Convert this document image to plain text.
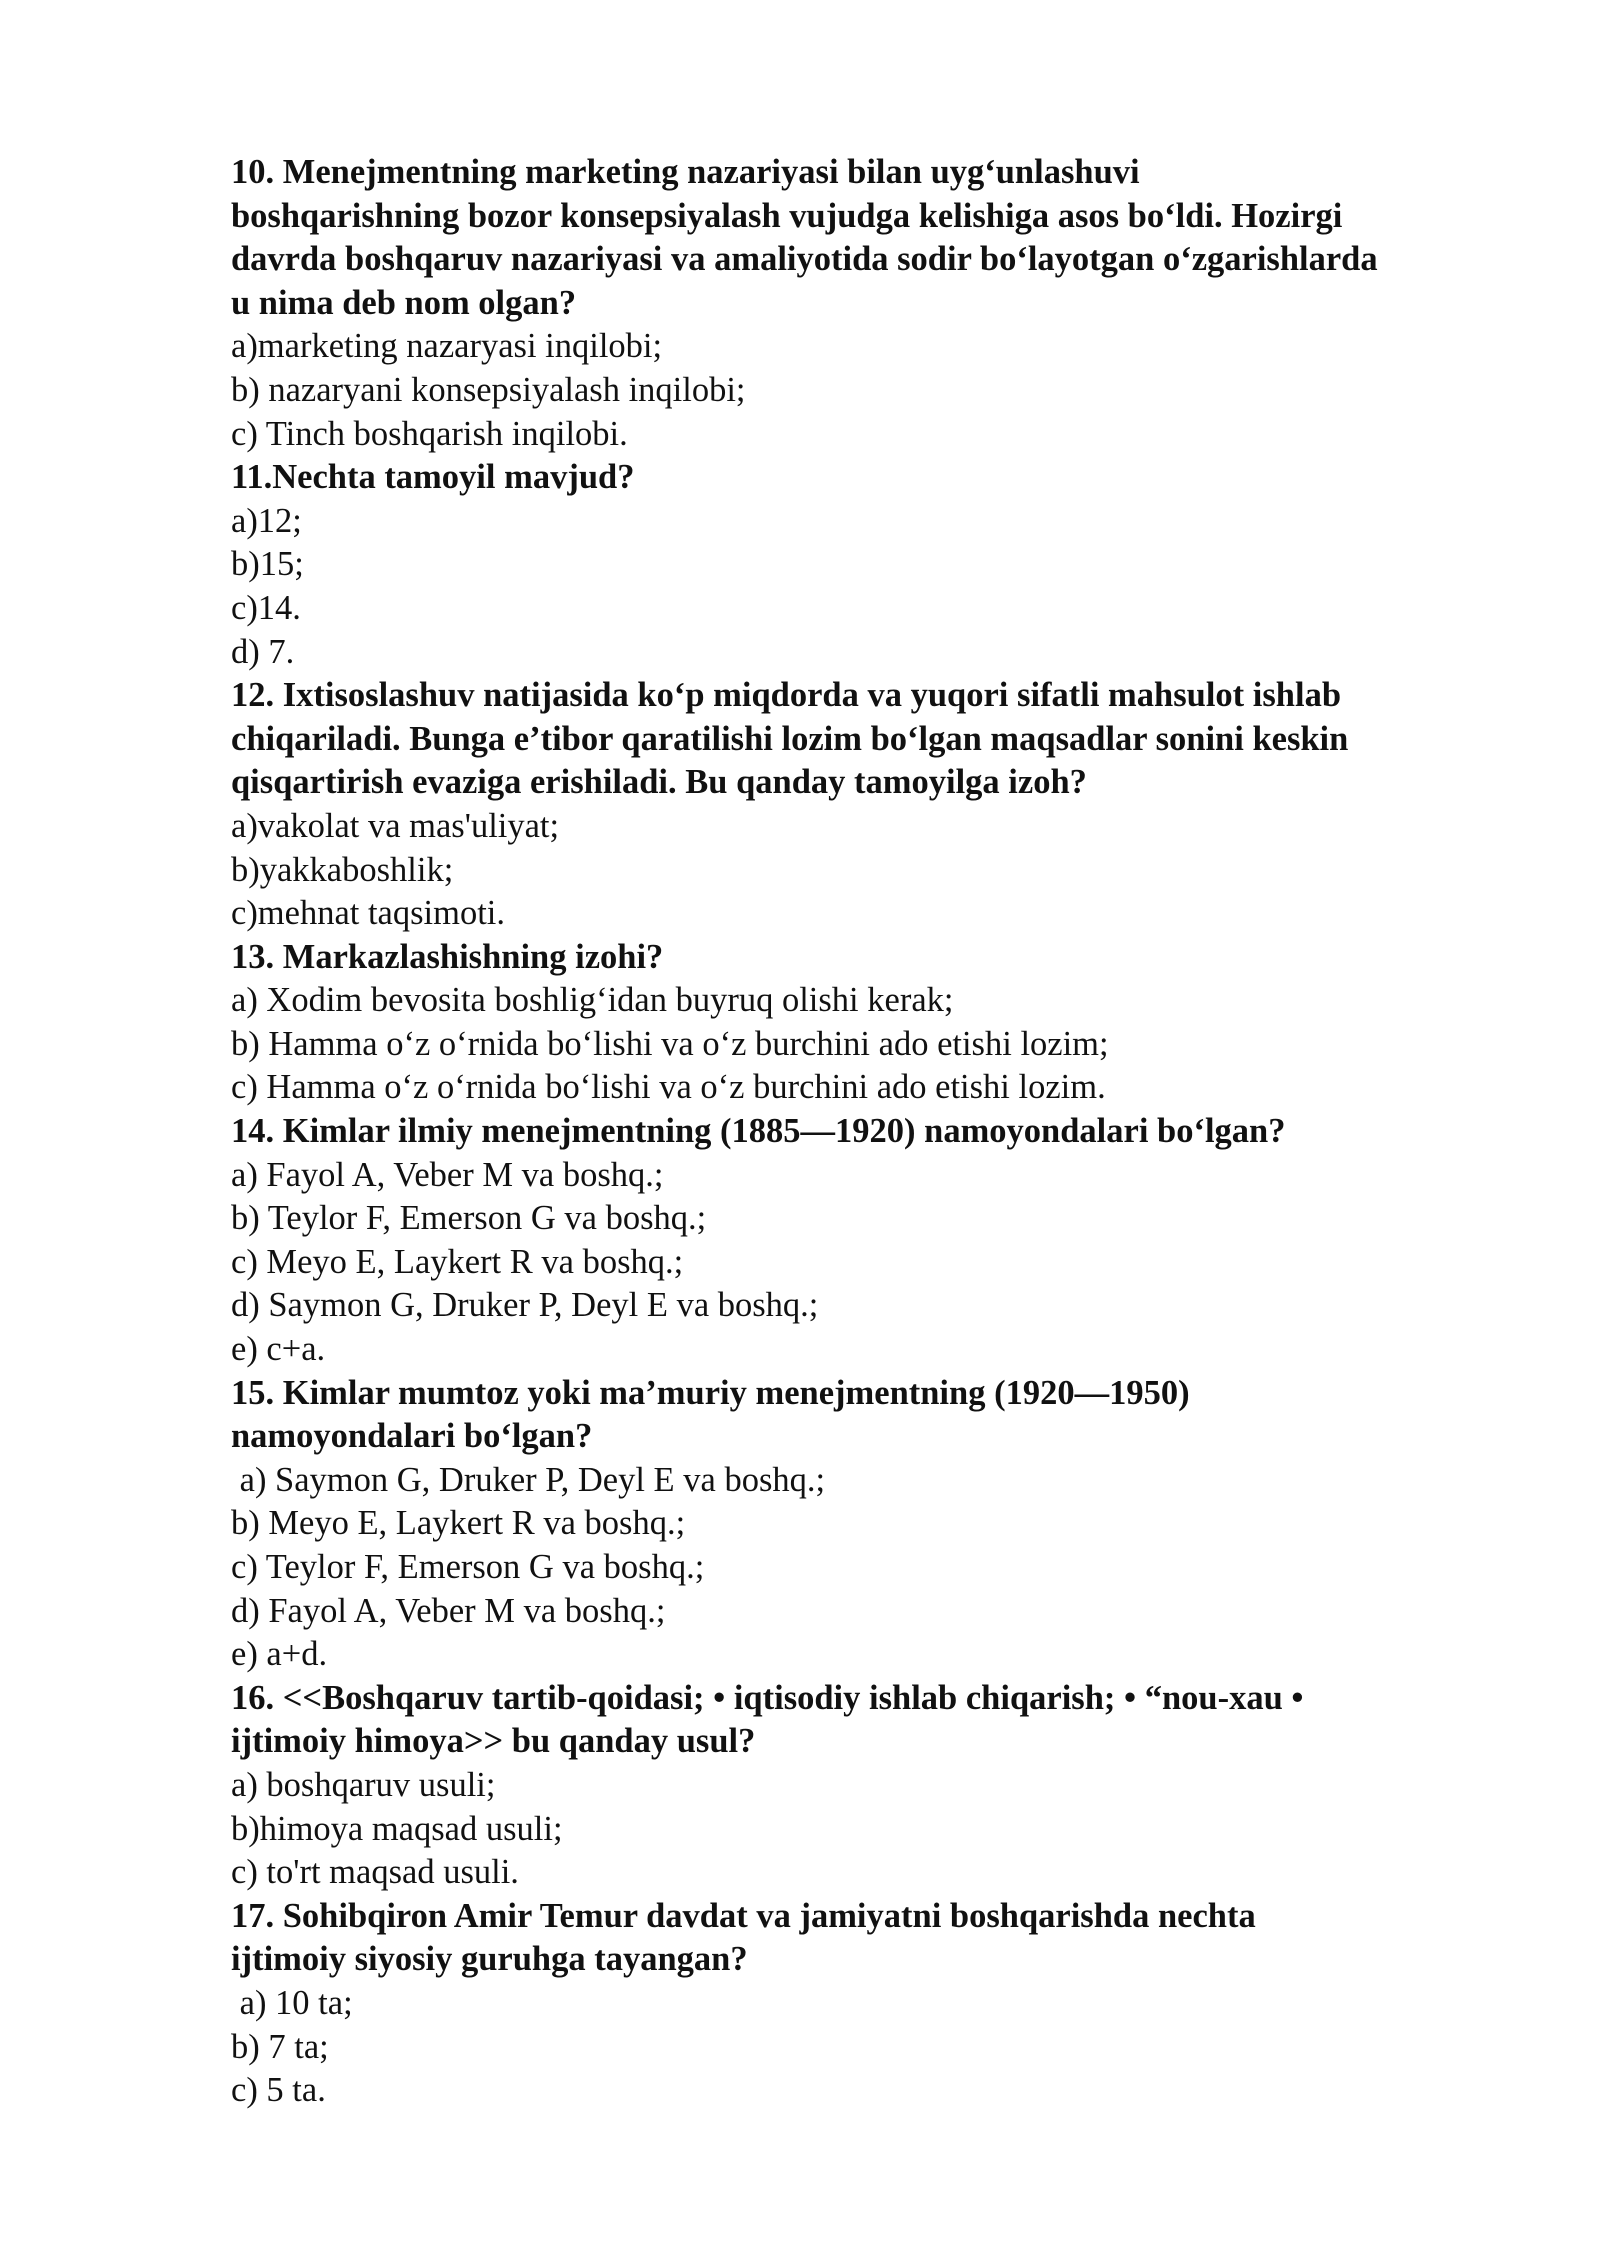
10. Menejmentning marketing nazariyasi bilan uyg‘unlashuvi
boshqarishning bozor konsepsiyalash vujudga kelishiga asos bo‘ldi. Hozirgi
davrda boshqaruv nazariyasi va amaliyotida sodir bo‘layotgan o‘zgarishlarda
u nima deb nom olgan?
a)marketing nazaryasi inqilobi;
b) nazaryani konsepsiyalash inqilobi;
c) Tinch boshqarish inqilobi.
11.Nechta tamoyil mavjud?
a)12;
b)15;
c)14.
d) 7.
12. Ixtisoslashuv natijasida ko‘p miqdorda va yuqori sifatli mahsulot ishlab
chiqariladi. Bunga e’tibor qaratilishi lozim bo‘lgan maqsadlar sonini keskin
qisqartirish evaziga erishiladi. Bu qanday tamoyilga izoh?
a)vakolat va mas'uliyat;
b)yakkaboshlik;
c)mehnat taqsimoti.
13. Markazlashishning izohi?
a) Xodim bevosita boshlig‘idan buyruq olishi kerak;
b) Hamma o‘z o‘rnida bo‘lishi va o‘z burchini ado etishi lozim;
c) Hamma o‘z o‘rnida bo‘lishi va o‘z burchini ado etishi lozim.
14. Kimlar ilmiy menejmentning (1885—1920) namoyondalari bo‘lgan?
a) Fayol A, Veber M va boshq.;
b) Teylor F, Emerson G va boshq.;
c) Meyo E, Laykert R va boshq.;
d) Saymon G, Druker P, Deyl E va boshq.;
e) c+a.
15. Kimlar mumtoz yoki ma’muriy menejmentning (1920—1950)
namoyondalari bo‘lgan?
a) Saymon G, Druker P, Deyl E va boshq.;
b) Meyo E, Laykert R va boshq.;
c) Teylor F, Emerson G va boshq.;
d) Fayol A, Veber M va boshq.;
e) a+d.
16. <<Boshqaruv tartib-qoidasi; • iqtisodiy ishlab chiqarish; • “nou-xau •
ijtimoiy himoya>> bu qanday usul?
a) boshqaruv usuli;
b)himoya maqsad usuli;
c) to'rt maqsad usuli.
17. Sohibqiron Amir Temur davdat va jamiyatni boshqarishda nechta
ijtimoiy siyosiy guruhga tayangan?
a) 10 ta;
b) 7 ta;
c) 5 ta.
